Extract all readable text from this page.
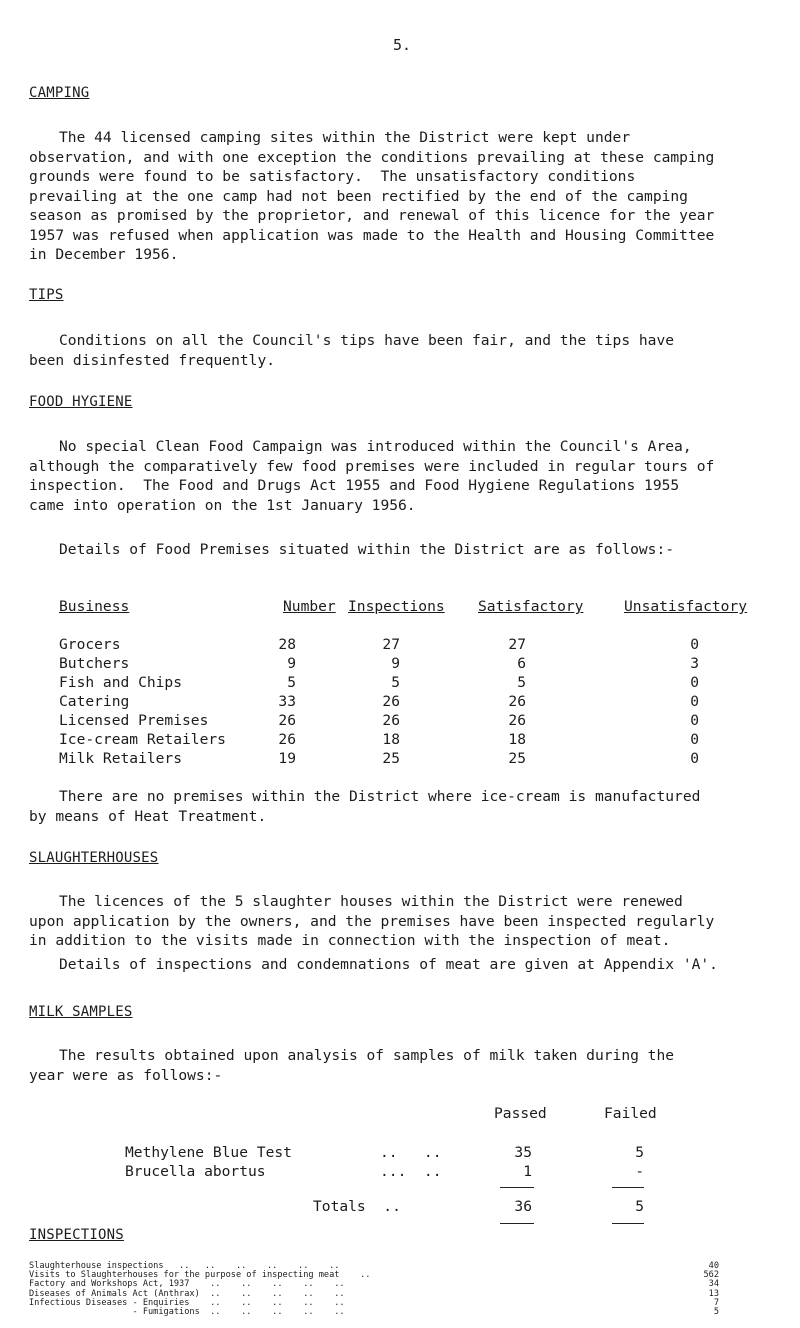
5.
CAMPING
The 44 licensed camping sites within the District were kept under
observation, and with one exception the conditions prevailing at these camping
grounds were found to be satisfactory.  The unsatisfactory conditions
prevailing at the one camp had not been rectified by the end of the camping
season as promised by the proprietor, and renewal of this licence for the year
1957 was refused when application was made to the Health and Housing Committee
in December 1956.
TIPS
Conditions on all the Council's tips have been fair, and the tips have
been disinfested frequently.
FOOD HYGIENE
No special Clean Food Campaign was introduced within the Council's Area,
although the comparatively few food premises were included in regular tours of
inspection.  The Food and Drugs Act 1955 and Food Hygiene Regulations 1955
came into operation on the 1st January 1956.
Details of Food Premises situated within the District are as follows:-
Business	Number Inspections Satisfactory	Unsatisfactory
Grocers	28	27	27	0
Butchers	9	9	6	3
Fish and Chips	5	5	5	0
Catering	33	26	26	0
Licensed Premises	26	26	26	0
Ice-cream Retailers	26	18	18	0
Milk Retailers	19	25	25	0
There are no premises within the District where ice-cream is manufactured
by means of Heat Treatment.
SLAUGHTERHOUSES
The licences of the 5 slaughter houses within the District were renewed
upon application by the owners, and the premises have been inspected regularly
in addition to the visits made in connection with the inspection of meat.
Details of inspections and condemnations of meat are given at Appendix 'A'.
MILK SAMPLES
The results obtained upon analysis of samples of milk taken during the
year were as follows:-
Passed	Failed
Methylene Blue Test	..   ..	35	5
Brucella abortus	...  ..	1	-
Totals  ..	36	5
INSPECTIONS
Slaughterhouse inspections   ..   ..    ..    ..    ..    ..	40
Visits to Slaughterhouses for the purpose of inspecting meat    ..	562
Factory and Workshops Act, 1937    ..    ..    ..    ..    ..	34
Diseases of Animals Act (Anthrax)  ..    ..    ..    ..    ..	13
Infectious Diseases - Enquiries    ..    ..    ..    ..    ..	7
- Fumigations  ..    ..    ..    ..    ..	5
